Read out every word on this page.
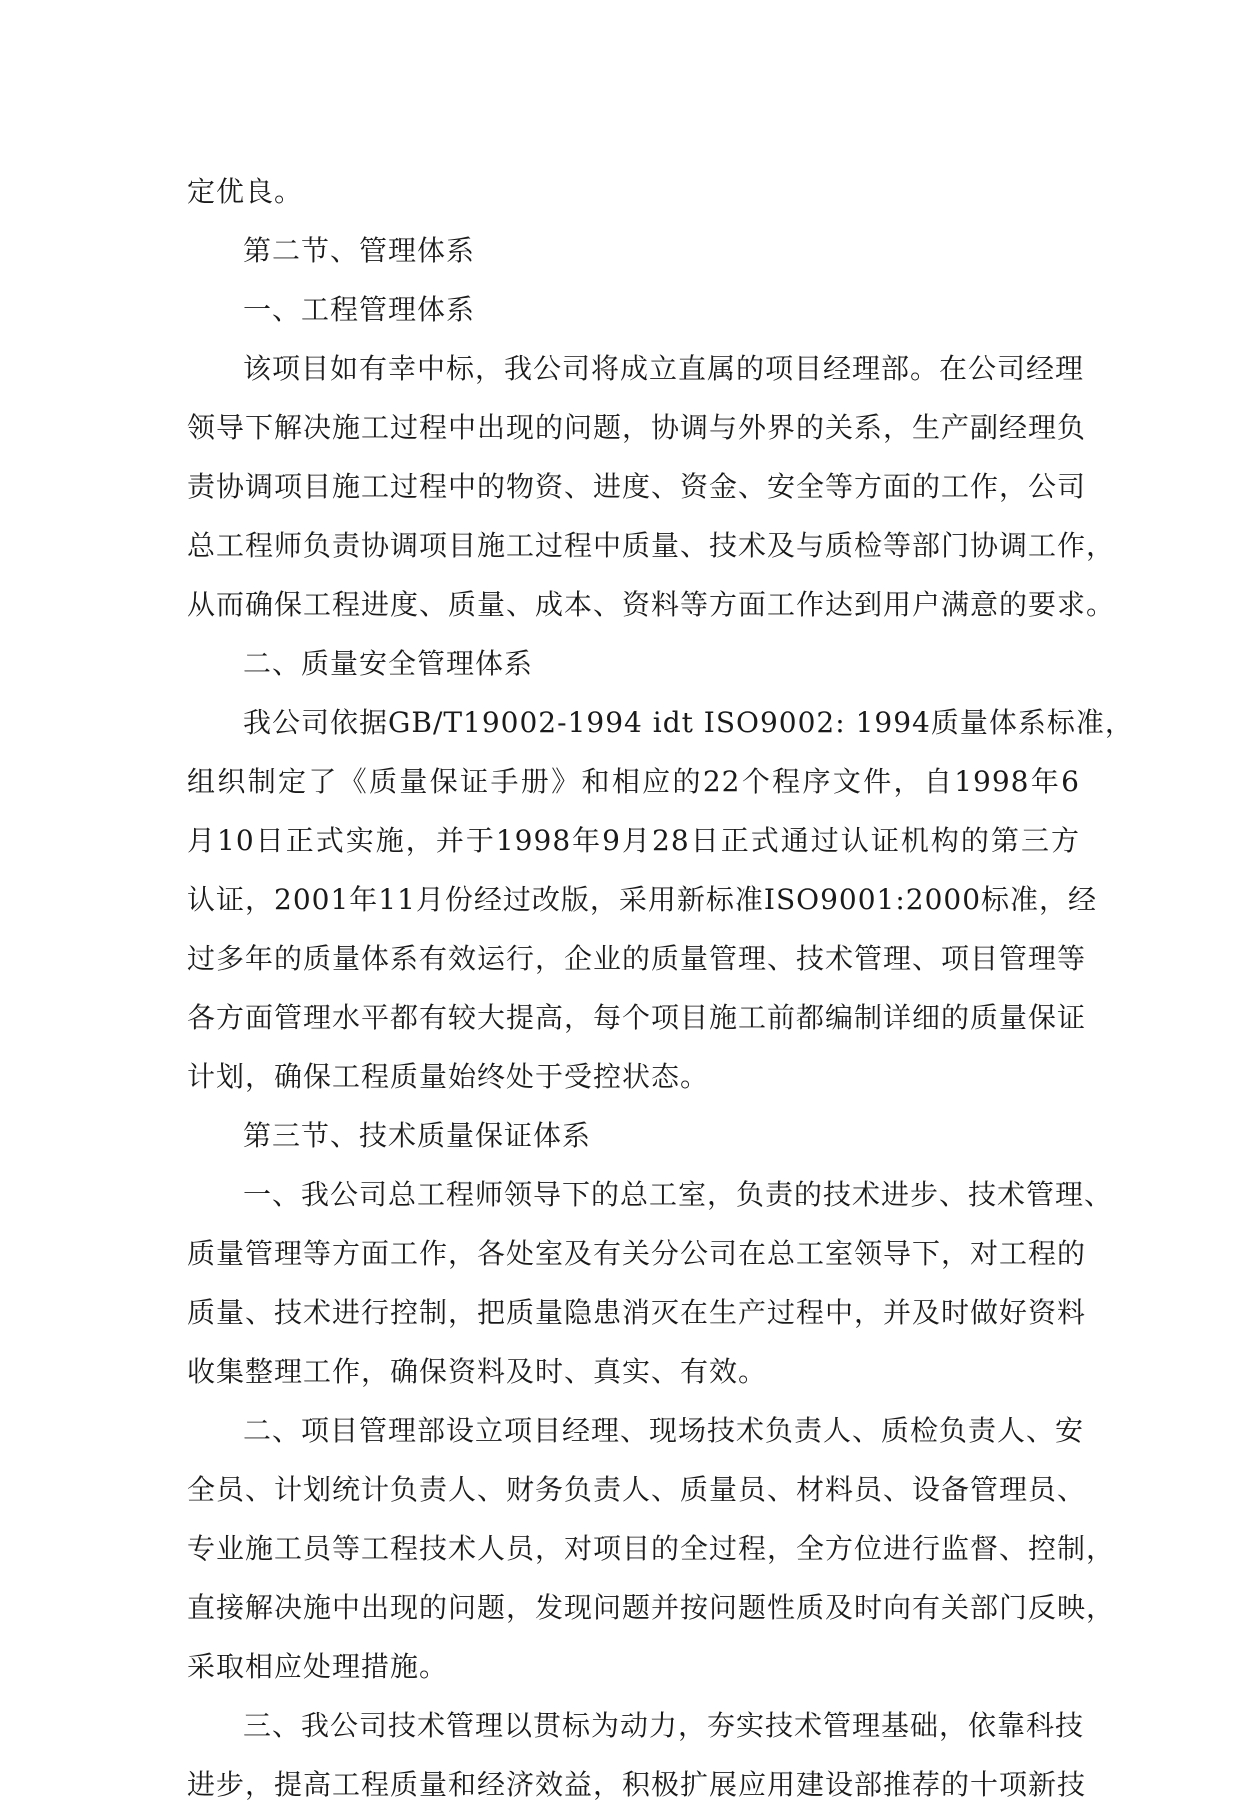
定优良。
第二节、管理体系
一、工程管理体系
该项目如有幸中标，我公司将成立直属的项目经理部。在公司经理
领导下解决施工过程中出现的问题，协调与外界的关系，生产副经理负
责协调项目施工过程中的物资、进度、资金、安全等方面的工作，公司
总工程师负责协调项目施工过程中质量、技术及与质检等部门协调工作，
从而确保工程进度、质量、成本、资料等方面工作达到用户满意的要求。
二、质量安全管理体系
我公司依据GB/T19002-1994 idt ISO9002: 1994质量体系标准，
组织制定了《质量保证手册》和相应的22个程序文件，自1998年6
月10日正式实施，并于1998年9月28日正式通过认证机构的第三方
认证，2001年11月份经过改版，采用新标准ISO9001:2000标准，经
过多年的质量体系有效运行，企业的质量管理、技术管理、项目管理等
各方面管理水平都有较大提高，每个项目施工前都编制详细的质量保证
计划，确保工程质量始终处于受控状态。
第三节、技术质量保证体系
一、我公司总工程师领导下的总工室，负责的技术进步、技术管理、
质量管理等方面工作，各处室及有关分公司在总工室领导下，对工程的
质量、技术进行控制，把质量隐患消灭在生产过程中，并及时做好资料
收集整理工作，确保资料及时、真实、有效。
二、项目管理部设立项目经理、现场技术负责人、质检负责人、安
全员、计划统计负责人、财务负责人、质量员、材料员、设备管理员、
专业施工员等工程技术人员，对项目的全过程，全方位进行监督、控制，
直接解决施中出现的问题，发现问题并按问题性质及时向有关部门反映，
采取相应处理措施。
三、我公司技术管理以贯标为动力，夯实技术管理基础，依靠科技
进步，提高工程质量和经济效益，积极扩展应用建设部推荐的十项新技
